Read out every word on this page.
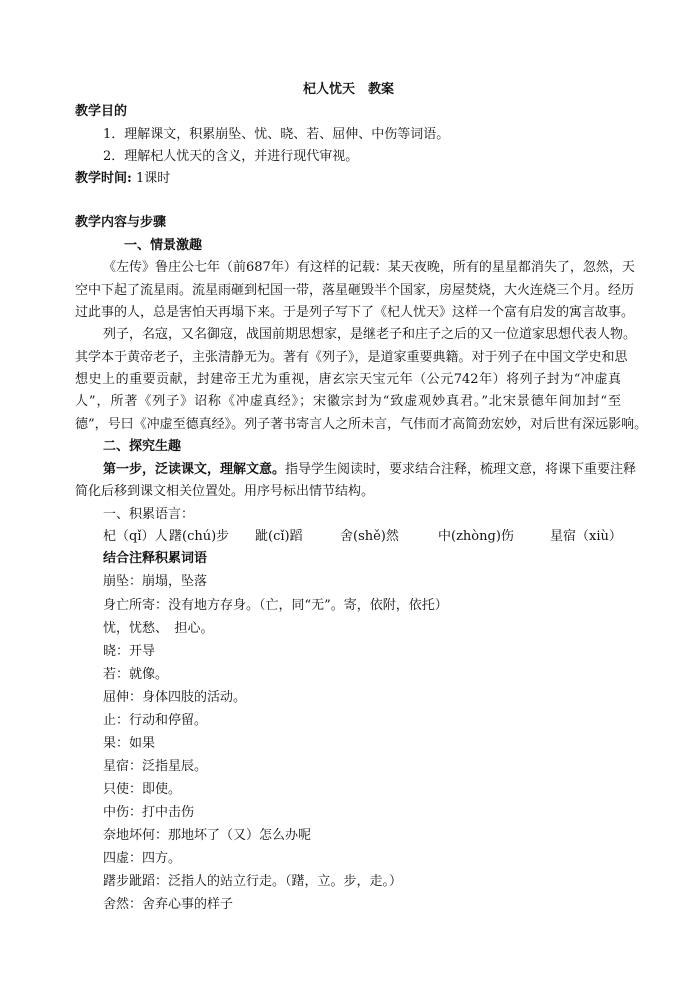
杞人忧天　教案
教学目的
1．理解课文，积累崩坠、忧、晓、若、屈伸、中伤等词语。
2．理解杞人忧天的含义，并进行现代审视。
教学时间: 1课时
教学内容与步骤
一、情景激趣
《左传》鲁庄公七年（前687年）有这样的记载：某天夜晚，所有的星星都消失了，忽然，天
空中下起了流星雨。流星雨砸到杞国一带，落星砸毁半个国家，房屋焚烧，大火连烧三个月。经历
过此事的人，总是害怕天再塌下来。于是列子写下了《杞人忧天》这样一个富有启发的寓言故事。
列子，名寇，又名御寇，战国前期思想家，是继老子和庄子之后的又一位道家思想代表人物。
其学本于黄帝老子，主张清静无为。著有《列子》，是道家重要典籍。对于列子在中国文学史和思
想史上的重要贡献，封建帝王尤为重视，唐玄宗天宝元年（公元742年）将列子封为“冲虚真
人”，所著《列子》诏称《冲虚真经》；宋徽宗封为“致虚观妙真君。”北宋景德年间加封“至
德”，号曰《冲虚至德真经》。列子著书寄言人之所未言，气伟而才高简劲宏妙，对后世有深远影响。
二、探究生趣
第一步，泛读课文，理解文意。指导学生阅读时，要求结合注释，梳理文意，将课下重要注释
简化后移到课文相关位置处。用序号标出情节结构。
一、积累语言：
杞（qǐ）人 躇(chú)步 跐(cǐ)蹈	舍(shě)然	中(zhòng)伤	星宿（xiù）
结合注释积累词语
崩坠：崩塌，坠落
身亡所寄：没有地方存身。（亡，同“无”。寄，依附，依托）
忧，忧愁、　担心。
晓：开导
若：就像。
屈伸：身体四肢的活动。
止：行动和停留。
果：如果
星宿：泛指星辰。
只使：即使。
中伤：打中击伤
奈地坏何：那地坏了（又）怎么办呢
四虚：四方。
躇步跐蹈：泛指人的站立行走。（躇，立。步，走。）
舍然：舍弃心事的样子
